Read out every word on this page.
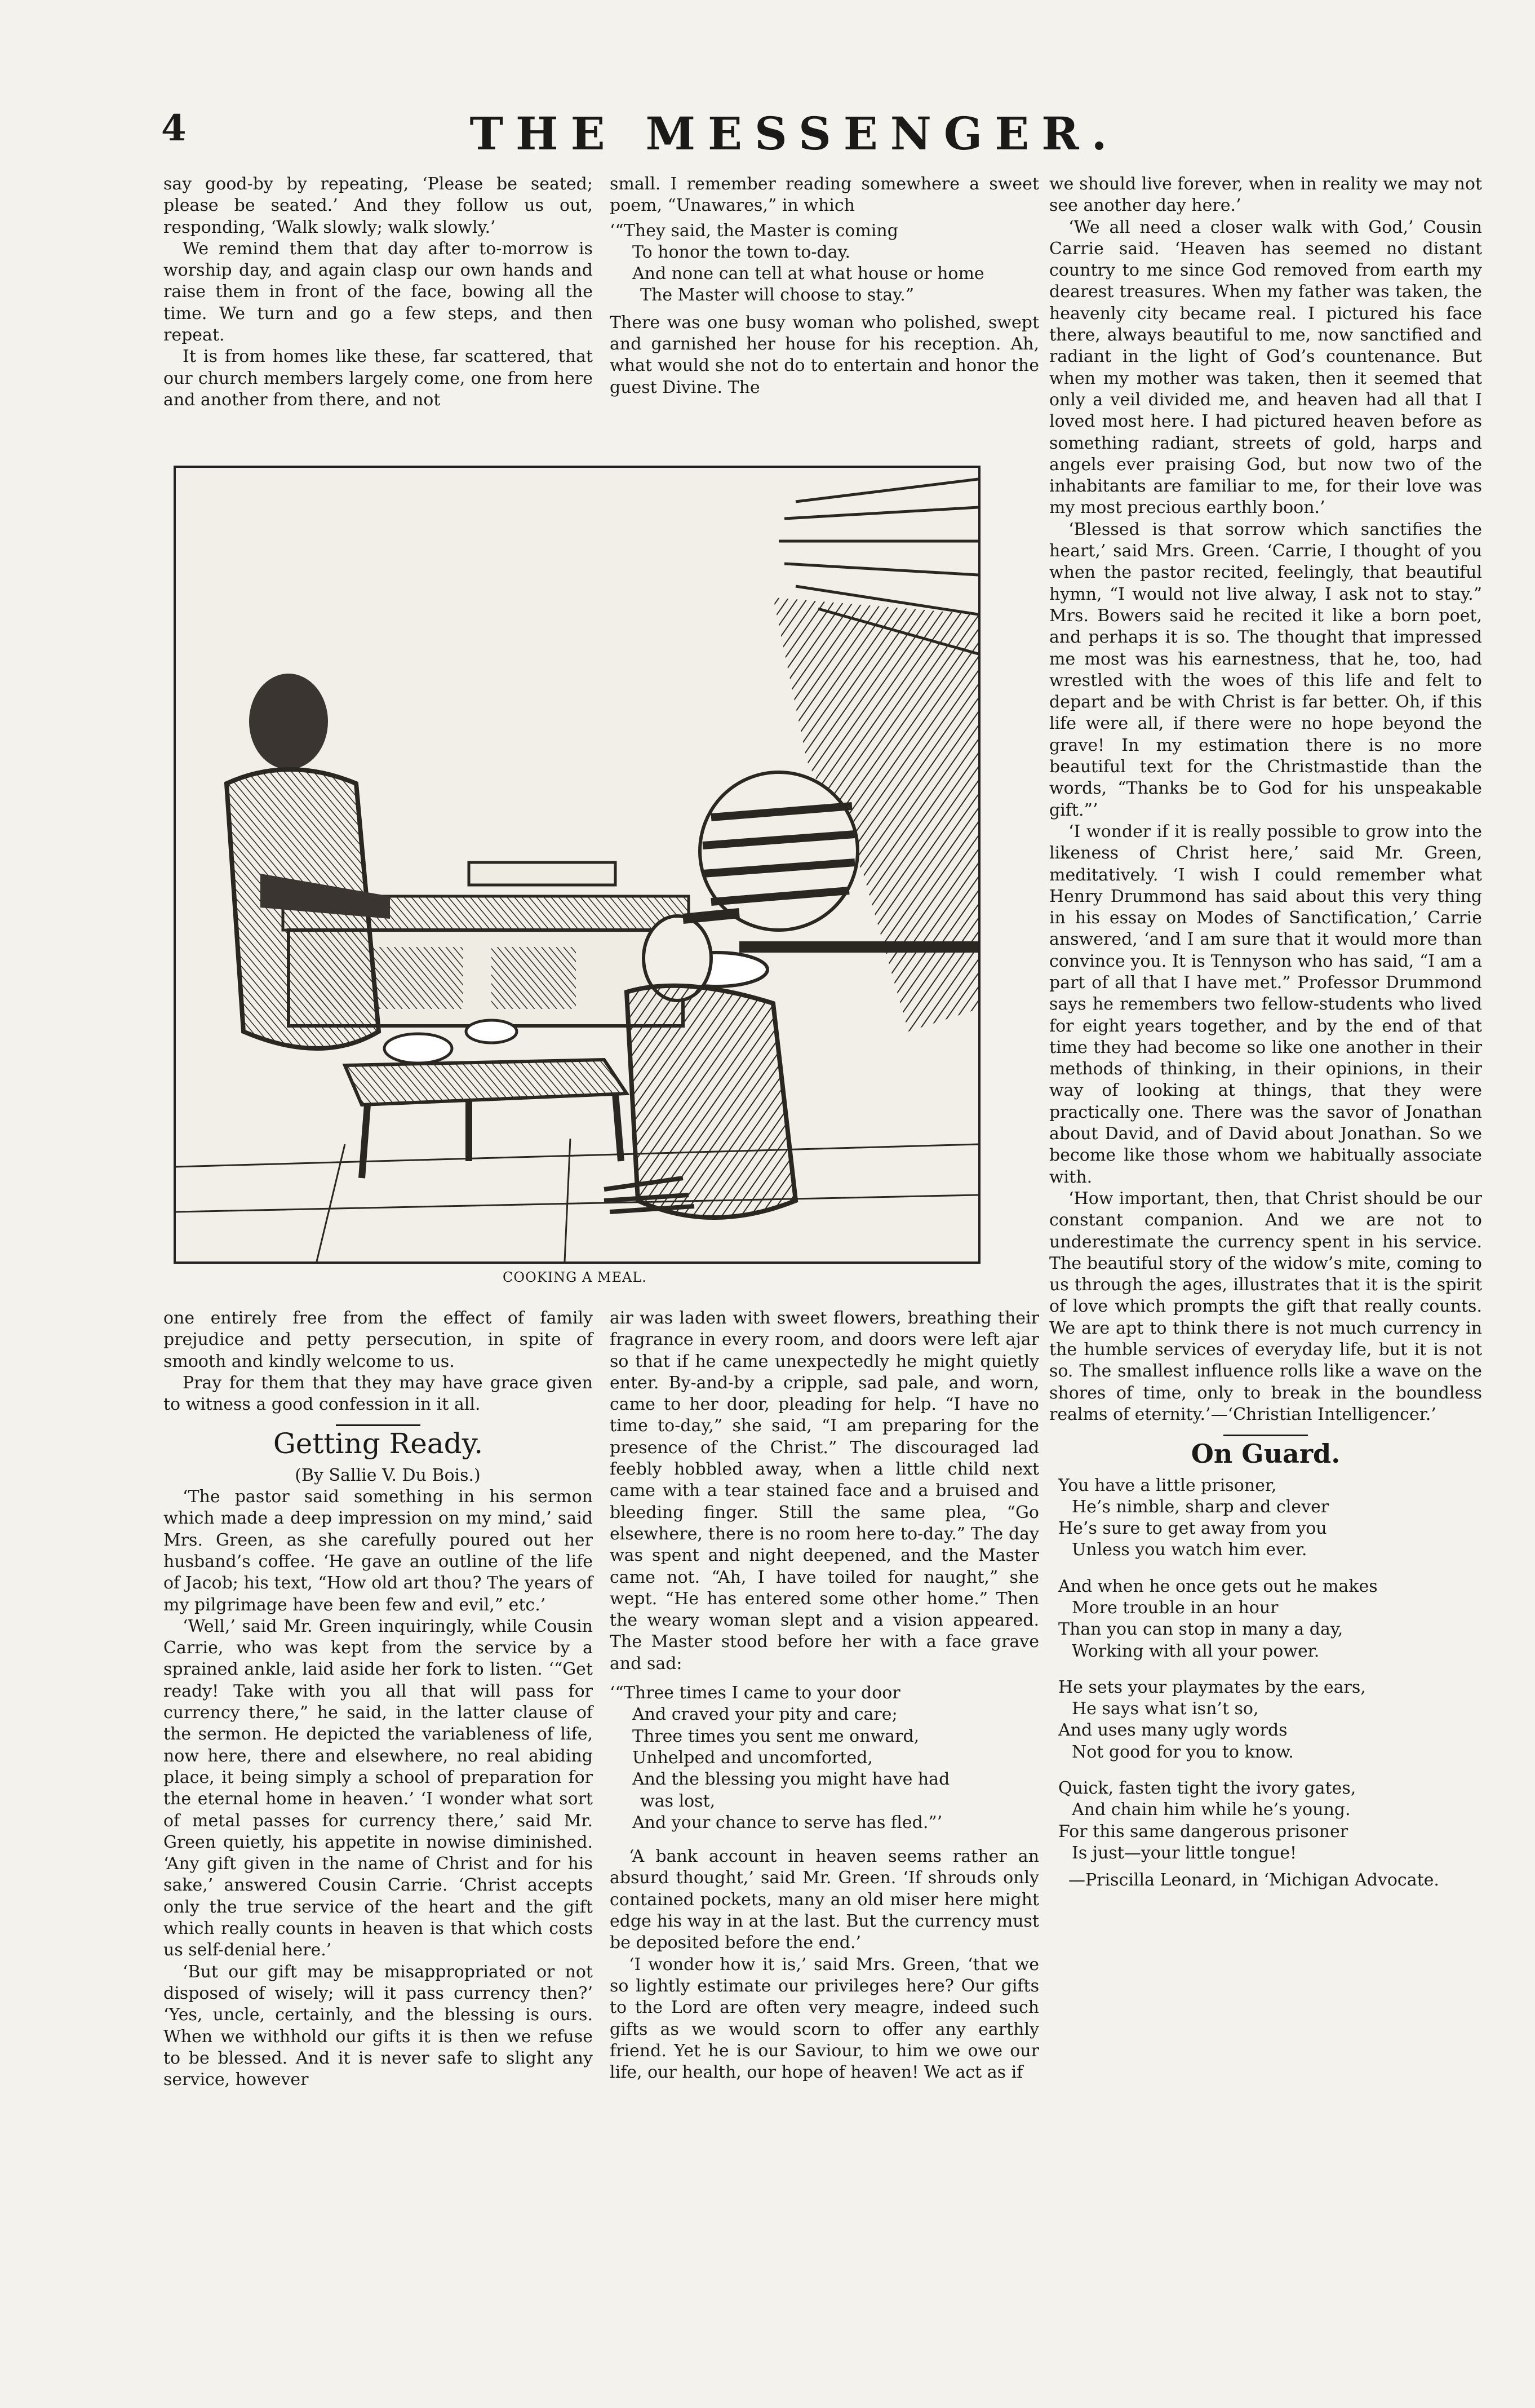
4	THE MESSENGER.

say good-by by repeating, ‘Please be seated; please be seated.’ And they follow us out, responding, ‘Walk slowly; walk slowly.’

We remind them that day after to-morrow is worship day, and again clasp our own hands and raise them in front of the face, bowing all the time. We turn and go a few steps, and then repeat.

It is from homes like these, far scattered, that our church members largely come, one from here and another from there, and not

small. I remember reading somewhere a sweet poem, “Unawares,” in which

‘“They said, the Master is coming
To honor the town to-day.
And none can tell at what house or home
The Master will choose to stay.”

There was one busy woman who polished, swept and garnished her house for his reception. Ah, what would she not do to entertain and honor the guest Divine. The

COOKING A MEAL.

one entirely free from the effect of family prejudice and petty persecution, in spite of smooth and kindly welcome to us.

Pray for them that they may have grace given to witness a good confession in it all.

Getting Ready.

(By Sallie V. Du Bois.)

‘The pastor said something in his sermon which made a deep impression on my mind,’ said Mrs. Green, as she carefully poured out her husband’s coffee. ‘He gave an outline of the life of Jacob; his text, “How old art thou? The years of my pilgrimage have been few and evil,” etc.’

‘Well,’ said Mr. Green inquiringly, while Cousin Carrie, who was kept from the service by a sprained ankle, laid aside her fork to listen. ‘“Get ready! Take with you all that will pass for currency there,” he said, in the latter clause of the sermon. He depicted the variableness of life, now here, there and elsewhere, no real abiding place, it being simply a school of preparation for the eternal home in heaven.’ ‘I wonder what sort of metal passes for currency there,’ said Mr. Green quietly, his appetite in nowise diminished. ‘Any gift given in the name of Christ and for his sake,’ answered Cousin Carrie. ‘Christ accepts only the true service of the heart and the gift which really counts in heaven is that which costs us self-denial here.’

‘But our gift may be misappropriated or not disposed of wisely; will it pass currency then?’ ‘Yes, uncle, certainly, and the blessing is ours. When we withhold our gifts it is then we refuse to be blessed. And it is never safe to slight any service, however

air was laden with sweet flowers, breathing their fragrance in every room, and doors were left ajar so that if he came unexpectedly he might quietly enter. By-and-by a cripple, sad pale, and worn, came to her door, pleading for help. “I have no time to-day,” she said, “I am preparing for the presence of the Christ.” The discouraged lad feebly hobbled away, when a little child next came with a tear stained face and a bruised and bleeding finger. Still the same plea, “Go elsewhere, there is no room here to-day.” The day was spent and night deepened, and the Master came not. “Ah, I have toiled for naught,” she wept. “He has entered some other home.” Then the weary woman slept and a vision appeared. The Master stood before her with a face grave and sad:

‘“Three times I came to your door
And craved your pity and care;
Three times you sent me onward,
Unhelped and uncomforted,
And the blessing you might have had
was lost,
And your chance to serve has fled.”’

‘A bank account in heaven seems rather an absurd thought,’ said Mr. Green. ‘If shrouds only contained pockets, many an old miser here might edge his way in at the last. But the currency must be deposited before the end.’

‘I wonder how it is,’ said Mrs. Green, ‘that we so lightly estimate our privileges here? Our gifts to the Lord are often very meagre, indeed such gifts as we would scorn to offer any earthly friend. Yet he is our Saviour, to him we owe our life, our health, our hope of heaven! We act as if

we should live forever, when in reality we may not see another day here.’

‘We all need a closer walk with God,’ Cousin Carrie said. ‘Heaven has seemed no distant country to me since God removed from earth my dearest treasures. When my father was taken, the heavenly city became real. I pictured his face there, always beautiful to me, now sanctified and radiant in the light of God’s countenance. But when my mother was taken, then it seemed that only a veil divided me, and heaven had all that I loved most here. I had pictured heaven before as something radiant, streets of gold, harps and angels ever praising God, but now two of the inhabitants are familiar to me, for their love was my most precious earthly boon.’

‘Blessed is that sorrow which sanctifies the heart,’ said Mrs. Green. ‘Carrie, I thought of you when the pastor recited, feelingly, that beautiful hymn, “I would not live alway, I ask not to stay.” Mrs. Bowers said he recited it like a born poet, and perhaps it is so. The thought that impressed me most was his earnestness, that he, too, had wrestled with the woes of this life and felt to depart and be with Christ is far better. Oh, if this life were all, if there were no hope beyond the grave! In my estimation there is no more beautiful text for the Christmastide than the words, “Thanks be to God for his unspeakable gift.”’

‘I wonder if it is really possible to grow into the likeness of Christ here,’ said Mr. Green, meditatively. ‘I wish I could remember what Henry Drummond has said about this very thing in his essay on Modes of Sanctification,’ Carrie answered, ‘and I am sure that it would more than convince you. It is Tennyson who has said, “I am a part of all that I have met.” Professor Drummond says he remembers two fellow-students who lived for eight years together, and by the end of that time they had become so like one another in their methods of thinking, in their opinions, in their way of looking at things, that they were practically one. There was the savor of Jonathan about David, and of David about Jonathan. So we become like those whom we habitually associate with.

‘How important, then, that Christ should be our constant companion. And we are not to underestimate the currency spent in his service. The beautiful story of the widow’s mite, coming to us through the ages, illustrates that it is the spirit of love which prompts the gift that really counts. We are apt to think there is not much currency in the humble services of everyday life, but it is not so. The smallest influence rolls like a wave on the shores of time, only to break in the boundless realms of eternity.’—‘Christian Intelligencer.’

On Guard.
You have a little prisoner,
He’s nimble, sharp and clever
He’s sure to get away from you
Unless you watch him ever.
And when he once gets out he makes
More trouble in an hour
Than you can stop in many a day,
Working with all your power.
He sets your playmates by the ears,
He says what isn’t so,
And uses many ugly words
Not good for you to know.
Quick, fasten tight the ivory gates,
And chain him while he’s young.
For this same dangerous prisoner
Is just—your little tongue!

—Priscilla Leonard, in ‘Michigan Advocate.
